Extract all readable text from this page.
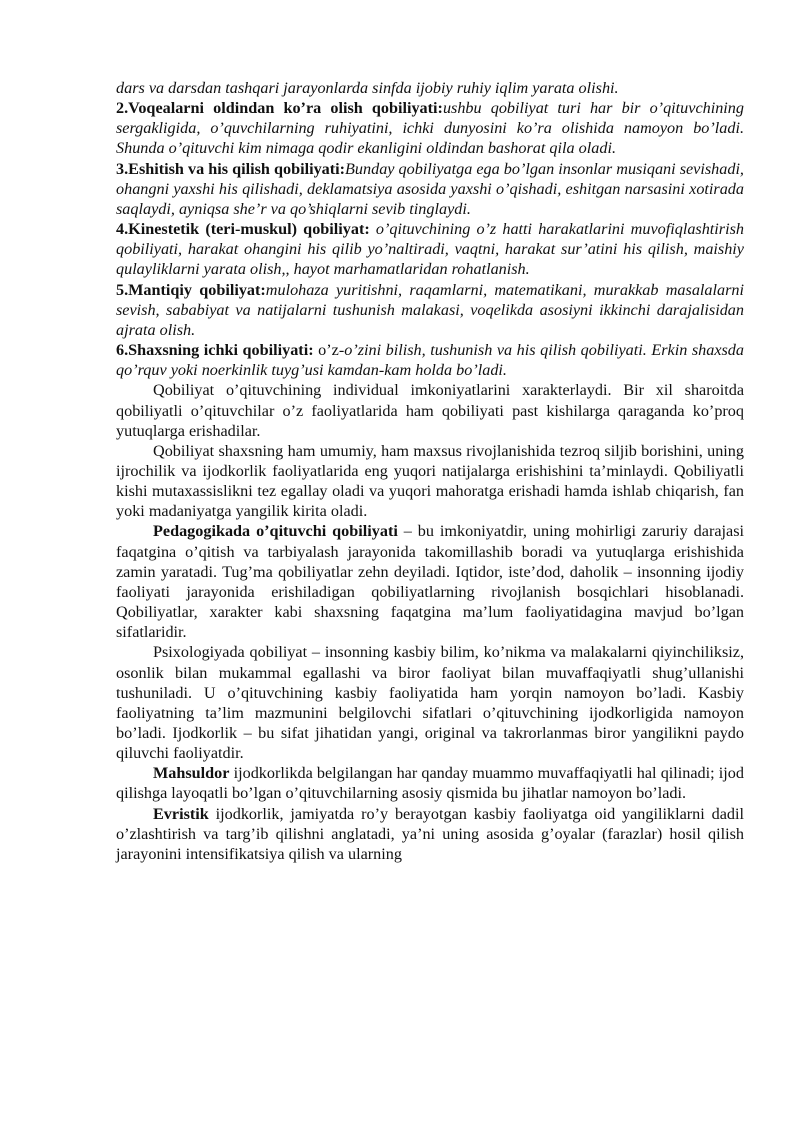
dars va darsdan tashqari jarayonlarda sinfda ijobiy ruhiy iqlim yarata olishi.

2.Voqealarni oldindan ko’ra olish qobiliyati:ushbu qobiliyat turi har bir o’qituvchining sergakligida, o’quvchilarning ruhiyatini, ichki dunyosini ko’ra olishida namoyon bo’ladi. Shunda o’qituvchi kim nimaga qodir ekanligini oldindan bashorat qila oladi.

3.Eshitish va his qilish qobiliyati:Bunday qobiliyatga ega bo’lgan insonlar musiqani sevishadi, ohangni yaxshi his qilishadi, deklamatsiya asosida yaxshi o’qishadi, eshitgan narsasini xotirada saqlaydi, ayniqsa she’r va qo’shiqlarni sevib tinglaydi.

4.Kinestetik (teri-muskul) qobiliyat: o’qituvchining o’z hatti harakatlarini muvofiqlashtirish qobiliyati, harakat ohangini his qilib yo’naltiradi, vaqtni, harakat sur’atini his qilish, maishiy qulayliklarni yarata olish,, hayot marhamatlaridan rohatlanish.

5.Mantiqiy qobiliyat:mulohaza yuritishni, raqamlarni, matematikani, murakkab masalalarni sevish, sababiyat va natijalarni tushunish malakasi, voqelikda asosiyni ikkinchi darajalisidan ajrata olish.

6.Shaxsning ichki qobiliyati: o’z-o’zini bilish, tushunish va his qilish qobiliyati. Erkin shaxsda qo’rquv yoki noerkinlik tuyg’usi kamdan-kam holda bo’ladi.

Qobiliyat o’qituvchining individual imkoniyatlarini xarakterlaydi. Bir xil sharoitda qobiliyatli o’qituvchilar o’z faoliyatlarida ham qobiliyati past kishilarga qaraganda ko’proq yutuqlarga erishadilar.

Qobiliyat shaxsning ham umumiy, ham maxsus rivojlanishida tezroq siljib borishini, uning ijrochilik va ijodkorlik faoliyatlarida eng yuqori natijalarga erishishini ta’minlaydi. Qobiliyatli kishi mutaxassislikni tez egallay oladi va yuqori mahoratga erishadi hamda ishlab chiqarish, fan yoki madaniyatga yangilik kirita oladi.

Pedagogikada o’qituvchi qobiliyati – bu imkoniyatdir, uning mohirligi zaruriy darajasi faqatgina o’qitish va tarbiyalash jarayonida takomillashib boradi va yutuqlarga erishishida zamin yaratadi. Tug’ma qobiliyatlar zehn deyiladi. Iqtidor, iste’dod, daholik – insonning ijodiy faoliyati jarayonida erishiladigan qobiliyatlarning rivojlanish bosqichlari hisoblanadi. Qobiliyatlar, xarakter kabi shaxsning faqatgina ma’lum faoliyatidagina mavjud bo’lgan sifatlaridir.

Psixologiyada qobiliyat – insonning kasbiy bilim, ko’nikma va malakalarni qiyinchiliksiz, osonlik bilan mukammal egallashi va biror faoliyat bilan muvaffaqiyatli shug’ullanishi tushuniladi. U o’qituvchining kasbiy faoliyatida ham yorqin namoyon bo’ladi. Kasbiy faoliyatning ta’lim mazmunini belgilovchi sifatlari o’qituvchining ijodkorligida namoyon bo’ladi. Ijodkorlik – bu sifat jihatidan yangi, original va takrorlanmas biror yangilikni paydo qiluvchi faoliyatdir.

Mahsuldor ijodkorlikda belgilangan har qanday muammo muvaffaqiyatli hal qilinadi; ijod qilishga layoqatli bo’lgan o’qituvchilarning asosiy qismida bu jihatlar namoyon bo’ladi.

Evristik ijodkorlik, jamiyatda ro’y berayotgan kasbiy faoliyatga oid yangiliklarni dadil o’zlashtirish va targ’ib qilishni anglatadi, ya’ni uning asosida g’oyalar (farazlar) hosil qilish jarayonini intensifikatsiya qilish va ularning
